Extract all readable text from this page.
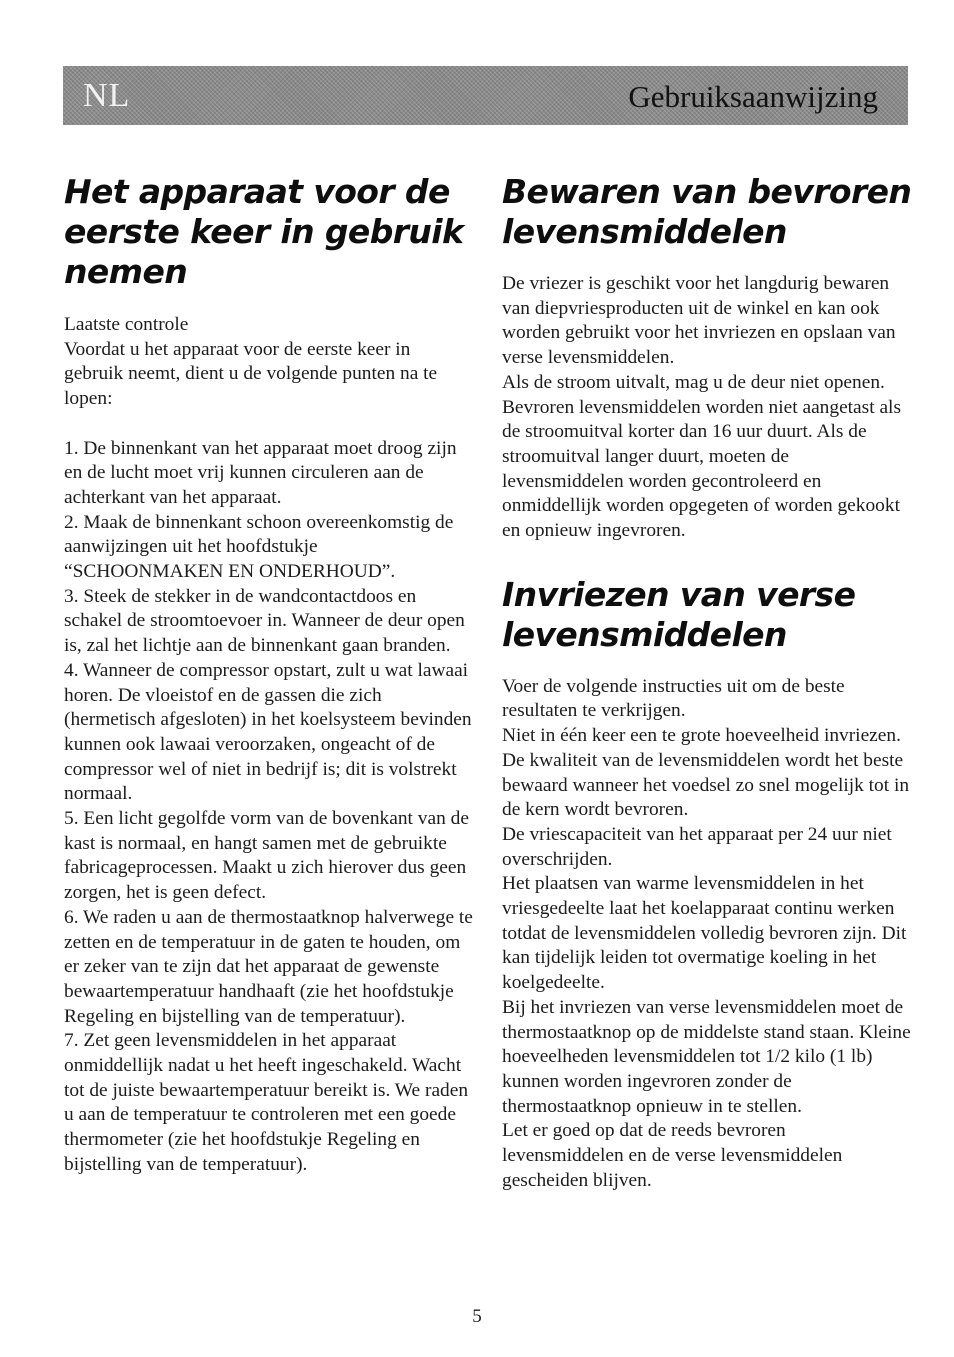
NL	Gebruiksaanwijzing
Het apparaat voor de eerste keer in gebruik nemen

Laatste controle

Voordat u het apparaat voor de eerste keer in gebruik neemt, dient u de volgende punten na te lopen:

1. De binnenkant van het apparaat moet droog zijn en de lucht moet vrij kunnen circuleren aan de achterkant van het apparaat.

2. Maak de binnenkant schoon overeenkomstig de aanwijzingen uit het hoofdstukje “SCHOONMAKEN EN ONDERHOUD”.

3. Steek de stekker in de wandcontactdoos en schakel de stroomtoevoer in. Wanneer de deur open is, zal het lichtje aan de binnenkant gaan branden.

4. Wanneer de compressor opstart, zult u wat lawaai horen. De vloeistof en de gassen die zich (hermetisch afgesloten) in het koelsysteem bevinden kunnen ook lawaai veroorzaken, ongeacht of de compressor wel of niet in bedrijf is; dit is volstrekt normaal.

5. Een licht gegolfde vorm van de bovenkant van de kast is normaal, en hangt samen met de gebruikte fabricageprocessen. Maakt u zich hierover dus geen zorgen, het is geen defect.

6. We raden u aan de thermostaatknop halverwege te zetten en de temperatuur in de gaten te houden, om er zeker van te zijn dat het apparaat de gewenste bewaartemperatuur handhaaft (zie het hoofdstukje Regeling en bijstelling van de temperatuur).

7. Zet geen levensmiddelen in het apparaat onmiddellijk nadat u het heeft ingeschakeld. Wacht tot de juiste bewaartemperatuur bereikt is. We raden u aan de temperatuur te controleren met een goede thermometer (zie het hoofdstukje Regeling en bijstelling van de temperatuur).

Bewaren van bevroren levensmiddelen

De vriezer is geschikt voor het langdurig bewaren van diepvriesproducten uit de winkel en kan ook worden gebruikt voor het invriezen en opslaan van verse levensmiddelen.

Als de stroom uitvalt, mag u de deur niet openen. Bevroren levensmiddelen worden niet aangetast als de stroomuitval korter dan 16 uur duurt. Als de stroomuitval langer duurt, moeten de levensmiddelen worden gecontroleerd en onmiddellijk worden opgegeten of worden gekookt en opnieuw ingevroren.

Invriezen van verse levensmiddelen

Voer de volgende instructies uit om de beste resultaten te verkrijgen.

Niet in één keer een te grote hoeveelheid invriezen. De kwaliteit van de levensmiddelen wordt het beste bewaard wanneer het voedsel zo snel mogelijk tot in de kern wordt bevroren.

De vriescapaciteit van het apparaat per 24 uur niet overschrijden.

Het plaatsen van warme levensmiddelen in het vriesgedeelte laat het koelapparaat continu werken totdat de levensmiddelen volledig bevroren zijn. Dit kan tijdelijk leiden tot overmatige koeling in het koelgedeelte.

Bij het invriezen van verse levensmiddelen moet de thermostaatknop op de middelste stand staan. Kleine hoeveelheden levensmiddelen tot 1/2 kilo (1 lb) kunnen worden ingevroren zonder de thermostaatknop opnieuw in te stellen.

Let er goed op dat de reeds bevroren levensmiddelen en de verse levensmiddelen gescheiden blijven.

5
